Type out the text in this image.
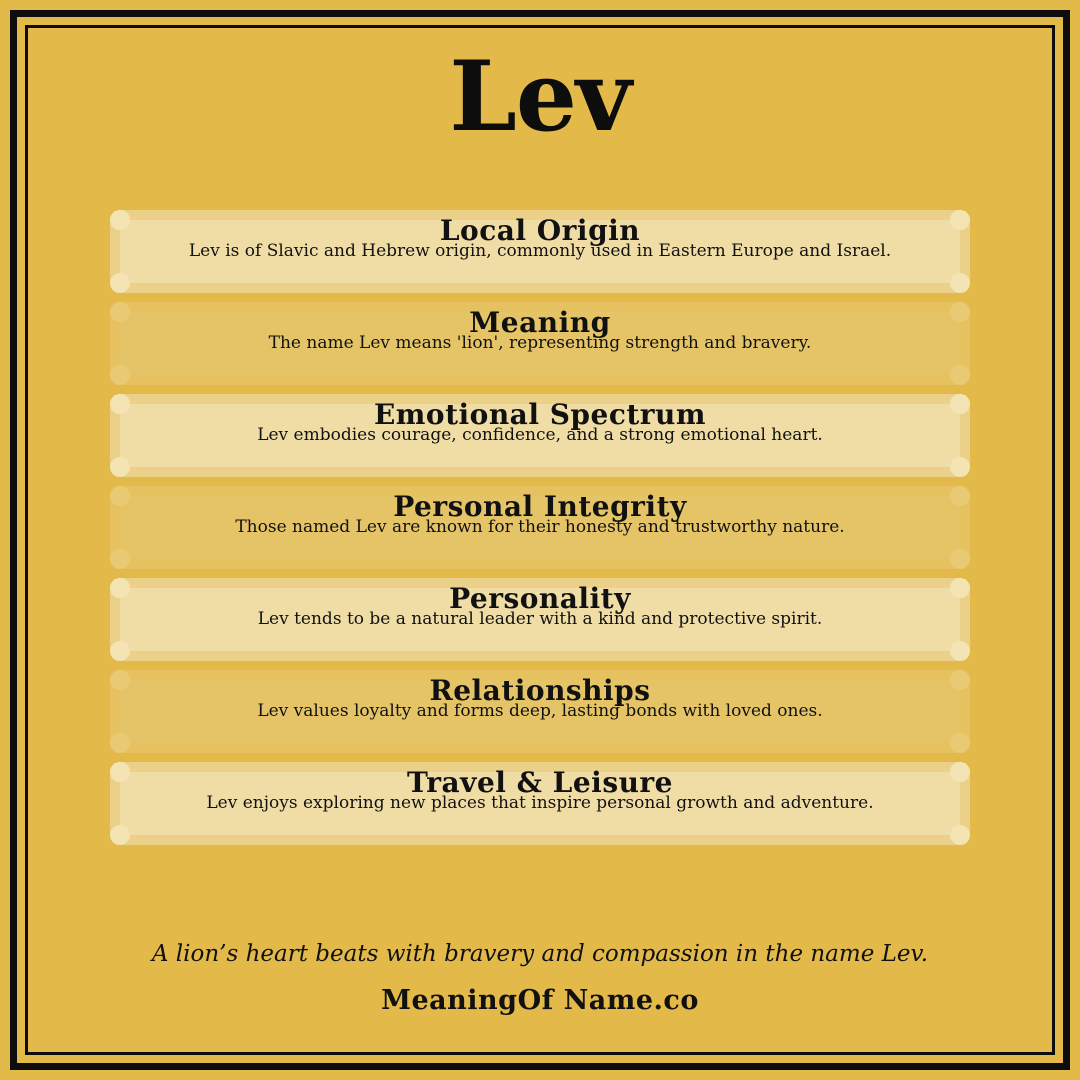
Lev
Local Origin
Lev is of Slavic and Hebrew origin, commonly used in Eastern Europe and Israel.
Meaning
The name Lev means 'lion', representing strength and bravery.
Emotional Spectrum
Lev embodies courage, confidence, and a strong emotional heart.
Personal Integrity
Those named Lev are known for their honesty and trustworthy nature.
Personality
Lev tends to be a natural leader with a kind and protective spirit.
Relationships
Lev values loyalty and forms deep, lasting bonds with loved ones.
Travel & Leisure
Lev enjoys exploring new places that inspire personal growth and adventure.
A lion’s heart beats with bravery and compassion in the name Lev.
MeaningOf Name.co
